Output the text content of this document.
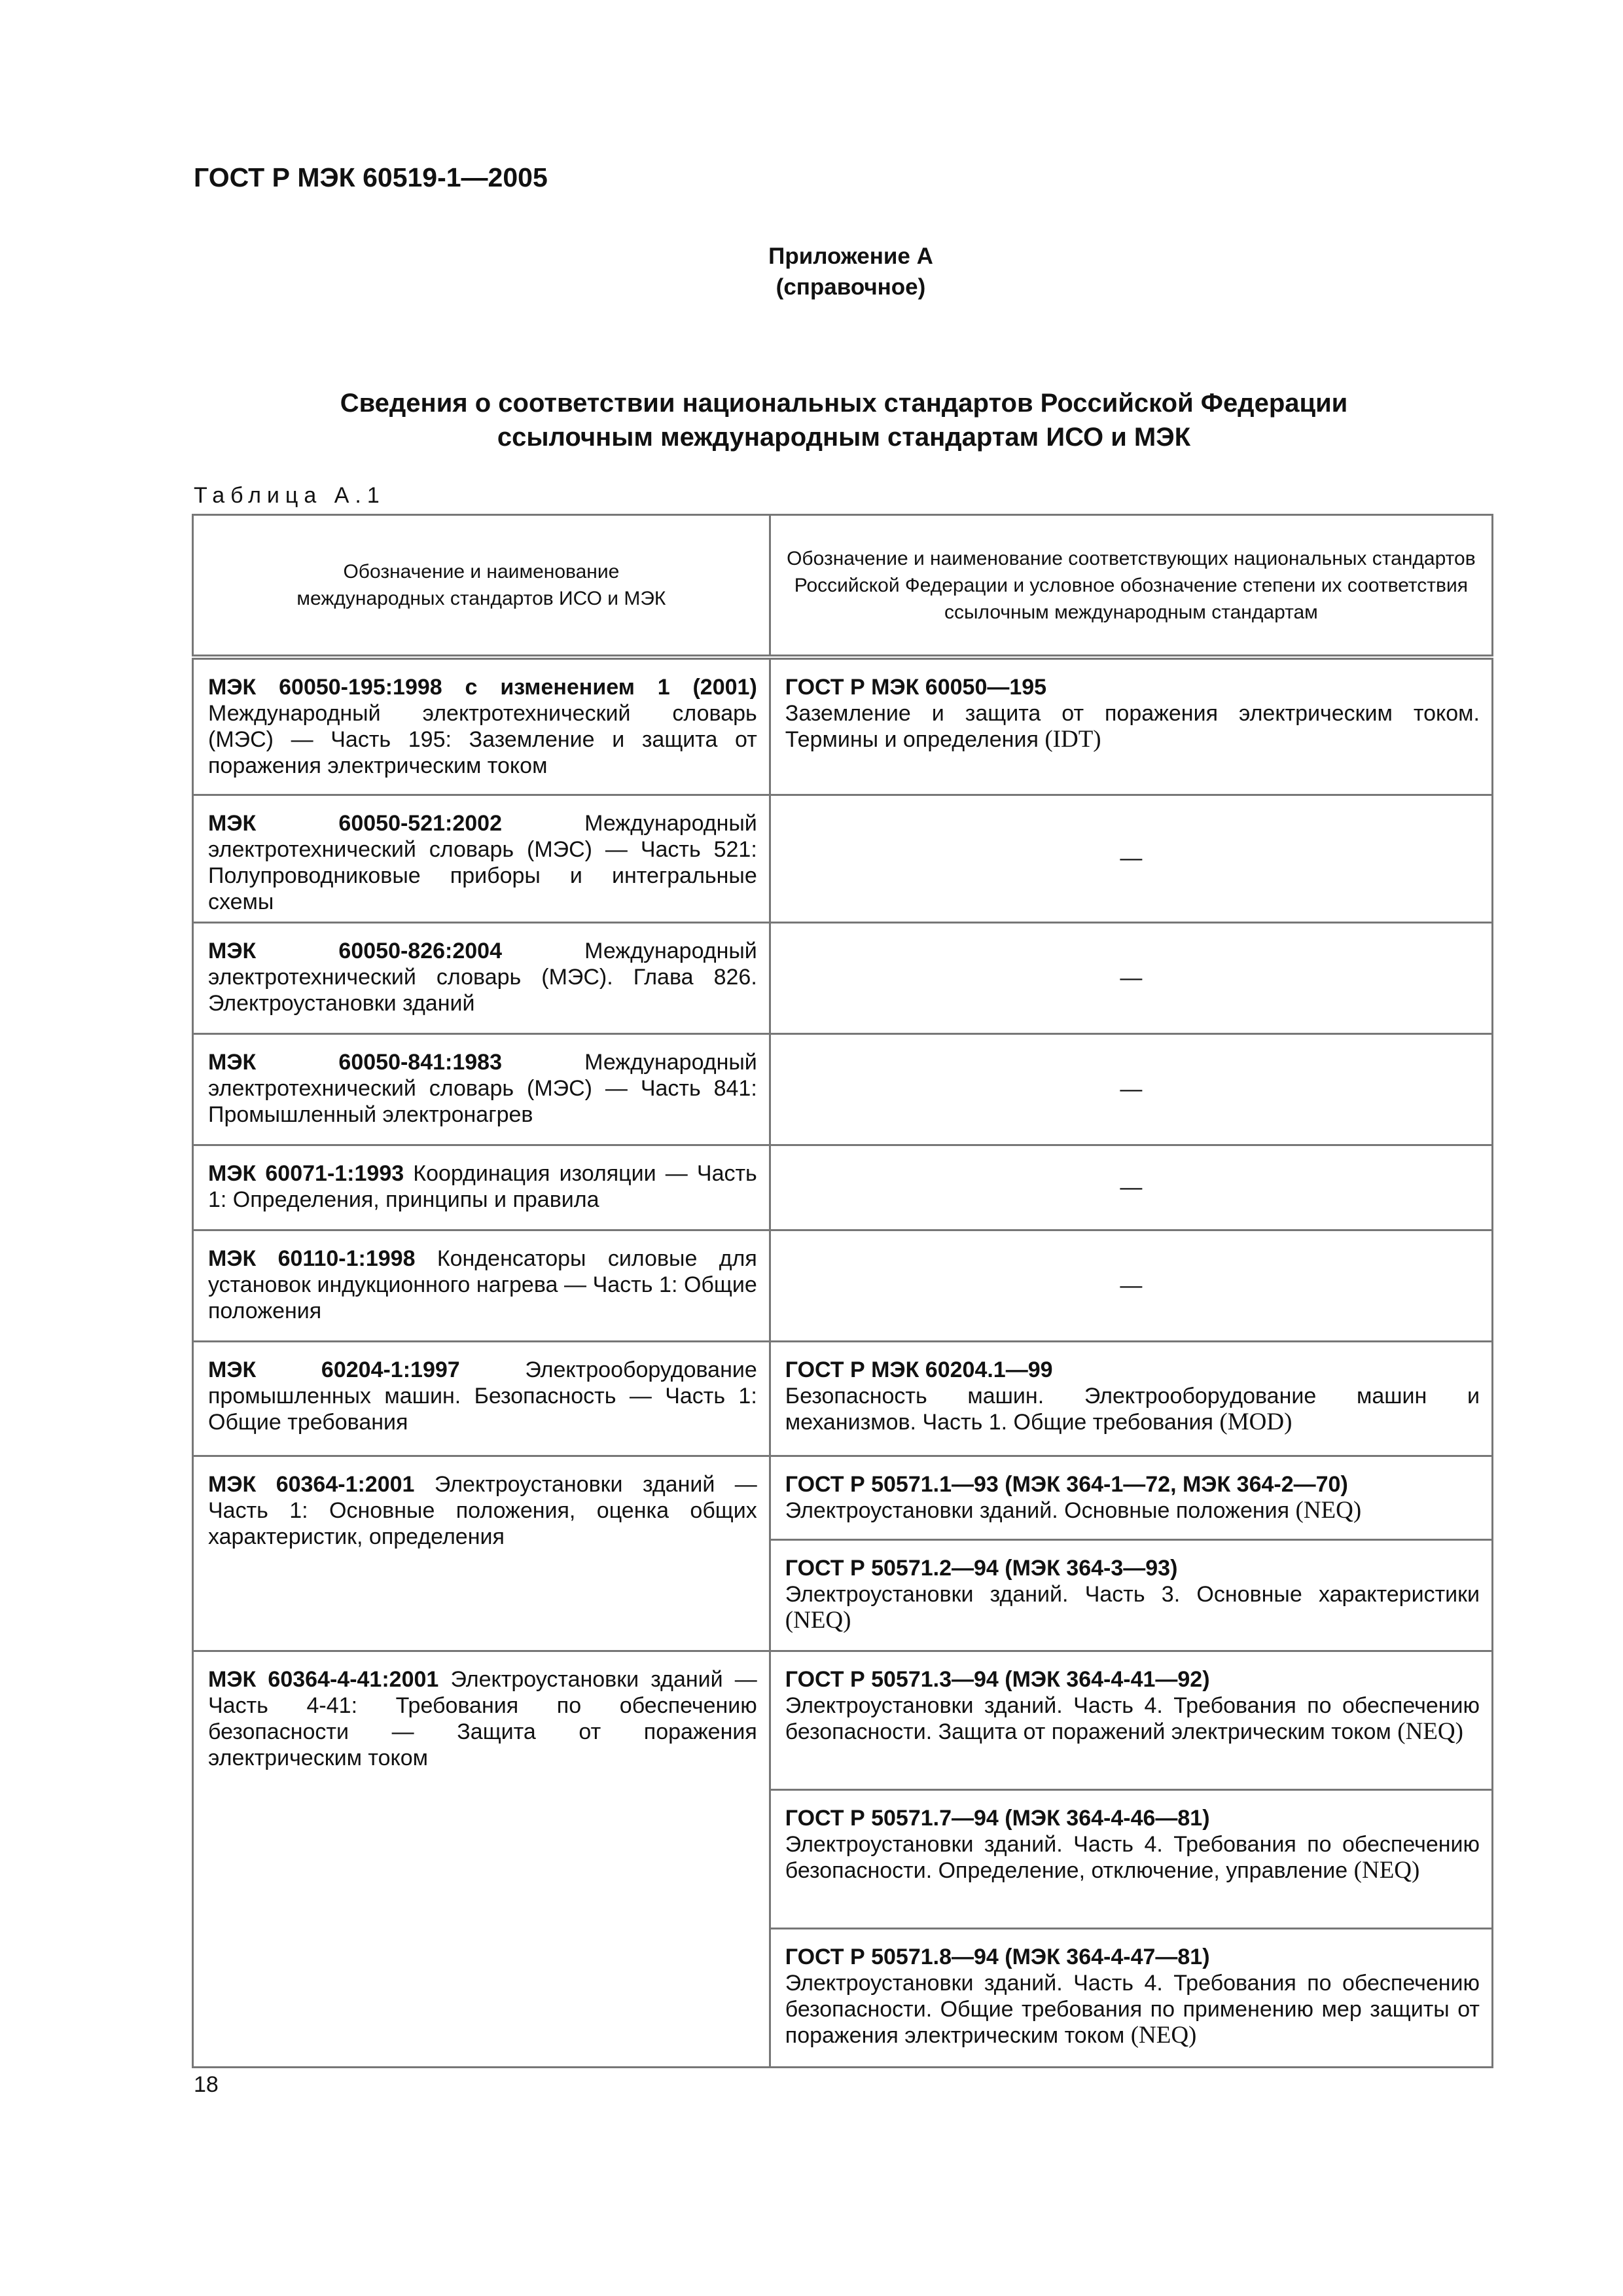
ГОСТ Р МЭК 60519-1—2005
Приложение А
(справочное)
Сведения о соответствии национальных стандартов Российской Федерации
ссылочным международным стандартам ИСО и МЭК
Таблица А.1
Обозначение и наименование международных стандартов ИСО и МЭК	Обозначение и наименование соответствующих национальных стандартов Российской Федерации и условное обозначение степени их соответствия ссылочным международным стандартам
МЭК 60050-195:1998 с изменением 1 (2001) Международный электротехнический словарь (МЭС) — Часть 195: Заземление и защита от поражения электрическим током	ГОСТ Р МЭК 60050—195
Заземление и защита от поражения электрическим током. Термины и определения (IDT)

МЭК 60050-521:2002 Международный электротехнический словарь (МЭС) — Часть 521: Полупроводниковые приборы и интегральные схемы	—
МЭК 60050-826:2004 Международный электротехнический словарь (МЭС). Глава 826. Электроустановки зданий	—
МЭК 60050-841:1983 Международный электротехнический словарь (МЭС) — Часть 841: Промышленный электронагрев	—
МЭК 60071-1:1993 Координация изоляции — Часть 1: Определения, принципы и правила	—
МЭК 60110-1:1998 Конденсаторы силовые для установок индукционного нагрева — Часть 1: Общие положения	—
МЭК 60204-1:1997 Электрооборудование промышленных машин. Безопасность — Часть 1: Общие требования	ГОСТ Р МЭК 60204.1—99
Безопасность машин. Электрооборудование машин и механизмов. Часть 1. Общие требования (MOD)

МЭК 60364-1:2001 Электроустановки зданий — Часть 1: Основные положения, оценка общих характеристик, определения	ГОСТ Р 50571.1—93 (МЭК 364-1—72, МЭК 364-2—70)
Электроустановки зданий. Основные положения (NEQ)

	ГОСТ Р 50571.2—94 (МЭК 364-3—93)
Электроустановки зданий. Часть 3. Основные характеристики (NEQ)

МЭК 60364-4-41:2001 Электроустановки зданий — Часть 4-41: Требования по обеспечению безопасности — Защита от поражения электрическим током	ГОСТ Р 50571.3—94 (МЭК 364-4-41—92)
Электроустановки зданий. Часть 4. Требования по обеспечению безопасности. Защита от поражений электрическим током (NEQ)

	ГОСТ Р 50571.7—94 (МЭК 364-4-46—81)
Электроустановки зданий. Часть 4. Требования по обеспечению безопасности. Определение, отключение, управление (NEQ)

	ГОСТ Р 50571.8—94 (МЭК 364-4-47—81)
Электроустановки зданий. Часть 4. Требования по обеспечению безопасности. Общие требования по применению мер защиты от поражения электрическим током (NEQ)
18
